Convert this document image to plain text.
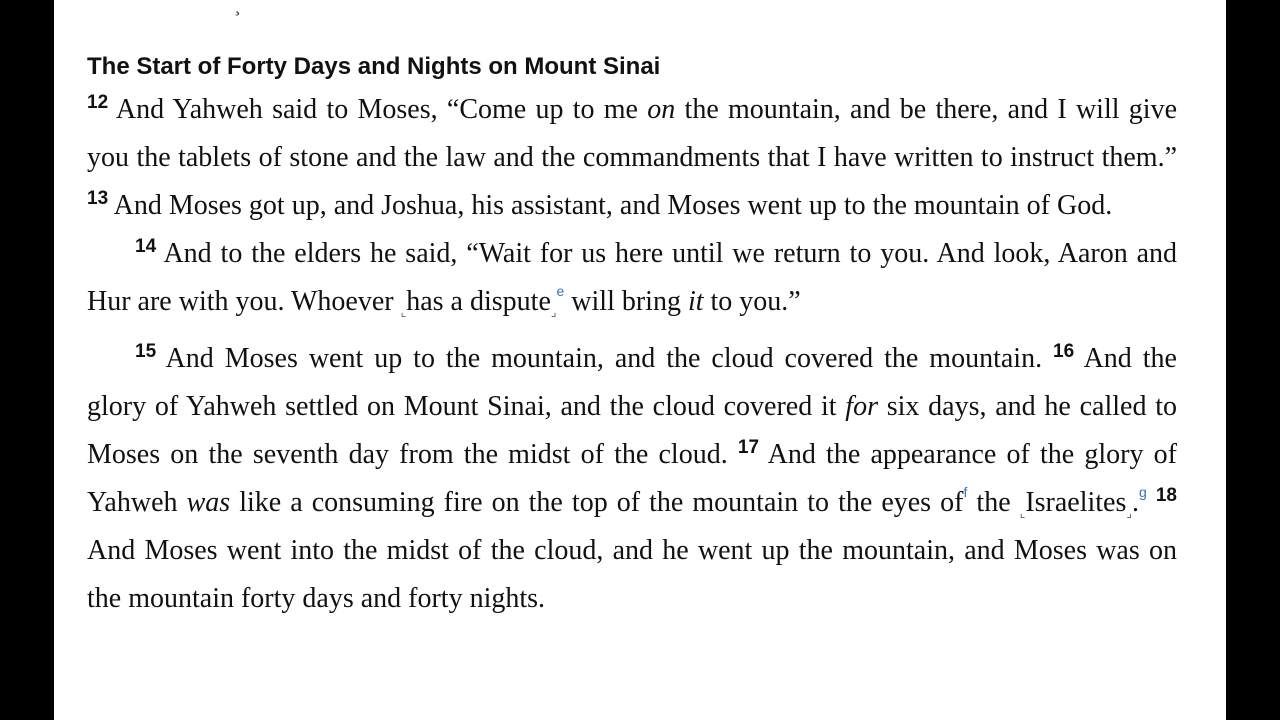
¸
The Start of Forty Days and Nights on Mount Sinai

$^{12}$ And Yahweh said to Moses, “Come up to me on the mountain, and be there, and I will give you the tablets of stone and the law and the commandments that I have written to instruct them.” $^{13}$ And Moses got up, and Joshua, his assistant, and Moses went up to the mountain of God.

$^{14}$ And to the elders he said, “Wait for us here until we return to you. And look, Aaron and Hur are with you. Whoever $_⌞$has a dispute$_⌟^e$ will bring it to you.”

$^{15}$ And Moses went up to the mountain, and the cloud covered the mountain. $^{16}$ And the glory of Yahweh settled on Mount Sinai, and the cloud covered it for six days, and he called to Moses on the seventh day from the midst of the cloud. $^{17}$ And the appearance of the glory of Yahweh was like a consuming fire on the top of the mountain to the eyes of$^f$ the $_⌞$Israelites$_⌟$.$^g$ $^{18}$ And Moses went into the midst of the cloud, and he went up the mountain, and Moses was on the mountain forty days and forty nights.
